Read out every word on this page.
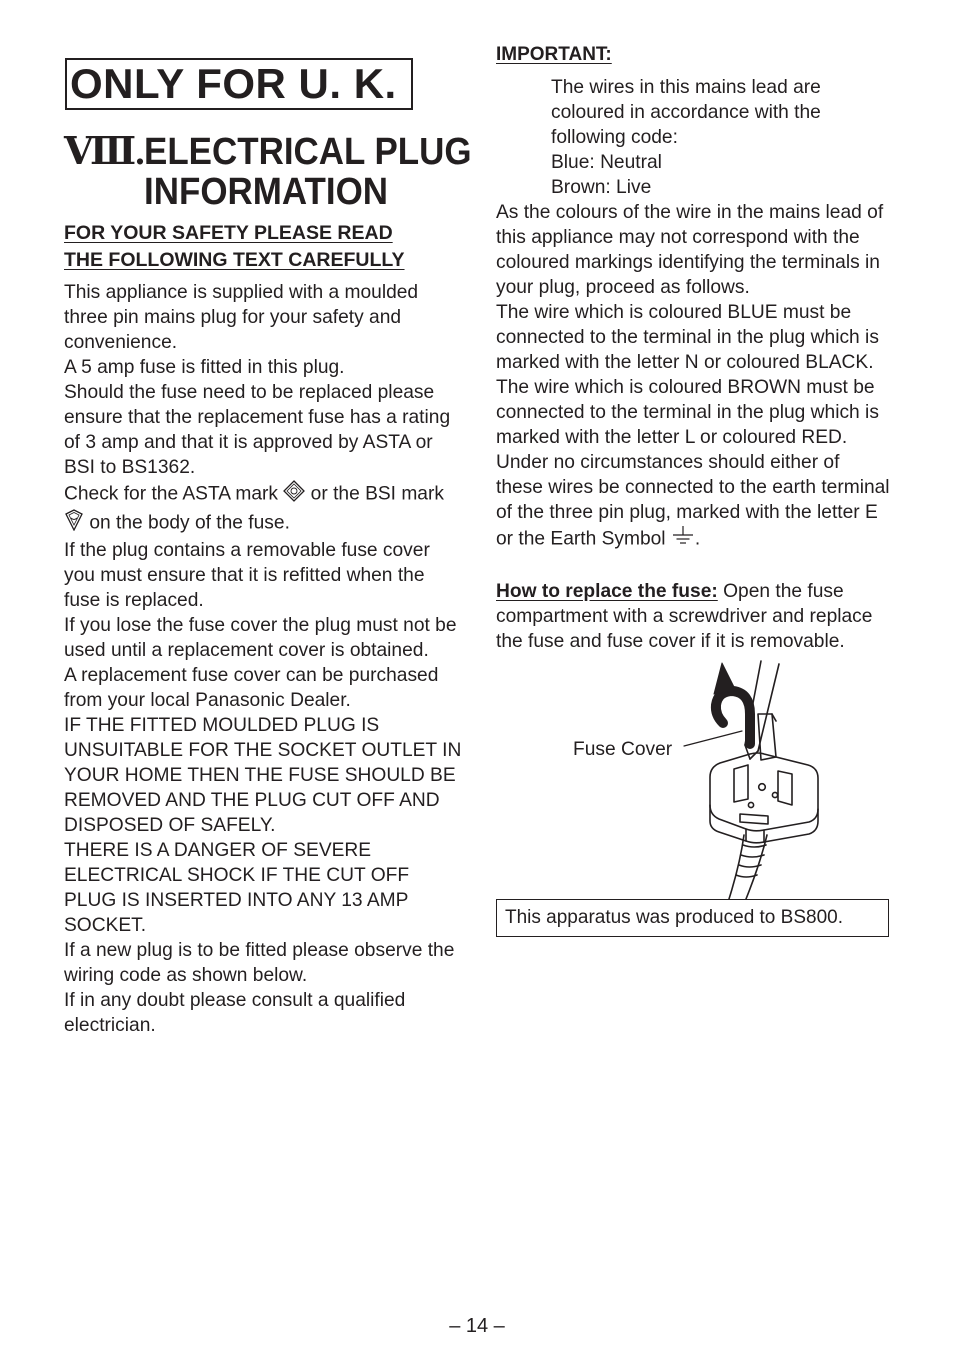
ONLY FOR U. K.
Ⅷ. ELECTRICAL PLUG
INFORMATION
FOR YOUR SAFETY PLEASE READ
THE FOLLOWING TEXT CAREFULLY

This appliance is supplied with a moulded three pin mains plug for your safety and convenience.

A 5 amp fuse is fitted in this plug.

Should the fuse need to be replaced please ensure that the replacement fuse has a rating of 3 amp and that it is approved by ASTA or BSI to BS1362.

Check for the ASTA mark or the BSI mark  on the body of the fuse.

If the plug contains a removable fuse cover you must ensure that it is refitted when the fuse is replaced.

If you lose the fuse cover the plug must not be used until a replacement cover is obtained.

A replacement fuse cover can be purchased from your local Panasonic Dealer.

IF THE FITTED MOULDED PLUG IS UNSUITABLE FOR THE SOCKET OUTLET IN YOUR HOME THEN THE FUSE SHOULD BE REMOVED AND THE PLUG CUT OFF AND DISPOSED OF SAFELY.

THERE IS A DANGER OF SEVERE ELECTRICAL SHOCK IF THE CUT OFF PLUG IS INSERTED INTO ANY 13 AMP SOCKET.

If a new plug is to be fitted please observe the wiring code as shown below.

If in any doubt please consult a qualified electrician.

IMPORTANT:

The wires in this mains lead are coloured in accordance with the following code:

Blue: Neutral

Brown: Live

As the colours of the wire in the mains lead of this appliance may not correspond with the coloured markings identifying the terminals in your plug, proceed as follows.

The wire which is coloured BLUE must be connected to the terminal in the plug which is marked with the letter N or coloured BLACK.

The wire which is coloured BROWN must be connected to the terminal in the plug which is marked with the letter L or coloured RED.

Under no circumstances should either of these wires be connected to the earth terminal of the three pin plug, marked with the letter E or the Earth Symbol .

How to replace the fuse: Open the fuse compartment with a screwdriver and replace the fuse and fuse cover if it is removable.

Fuse Cover
This apparatus was produced to BS800.
– 14 –
